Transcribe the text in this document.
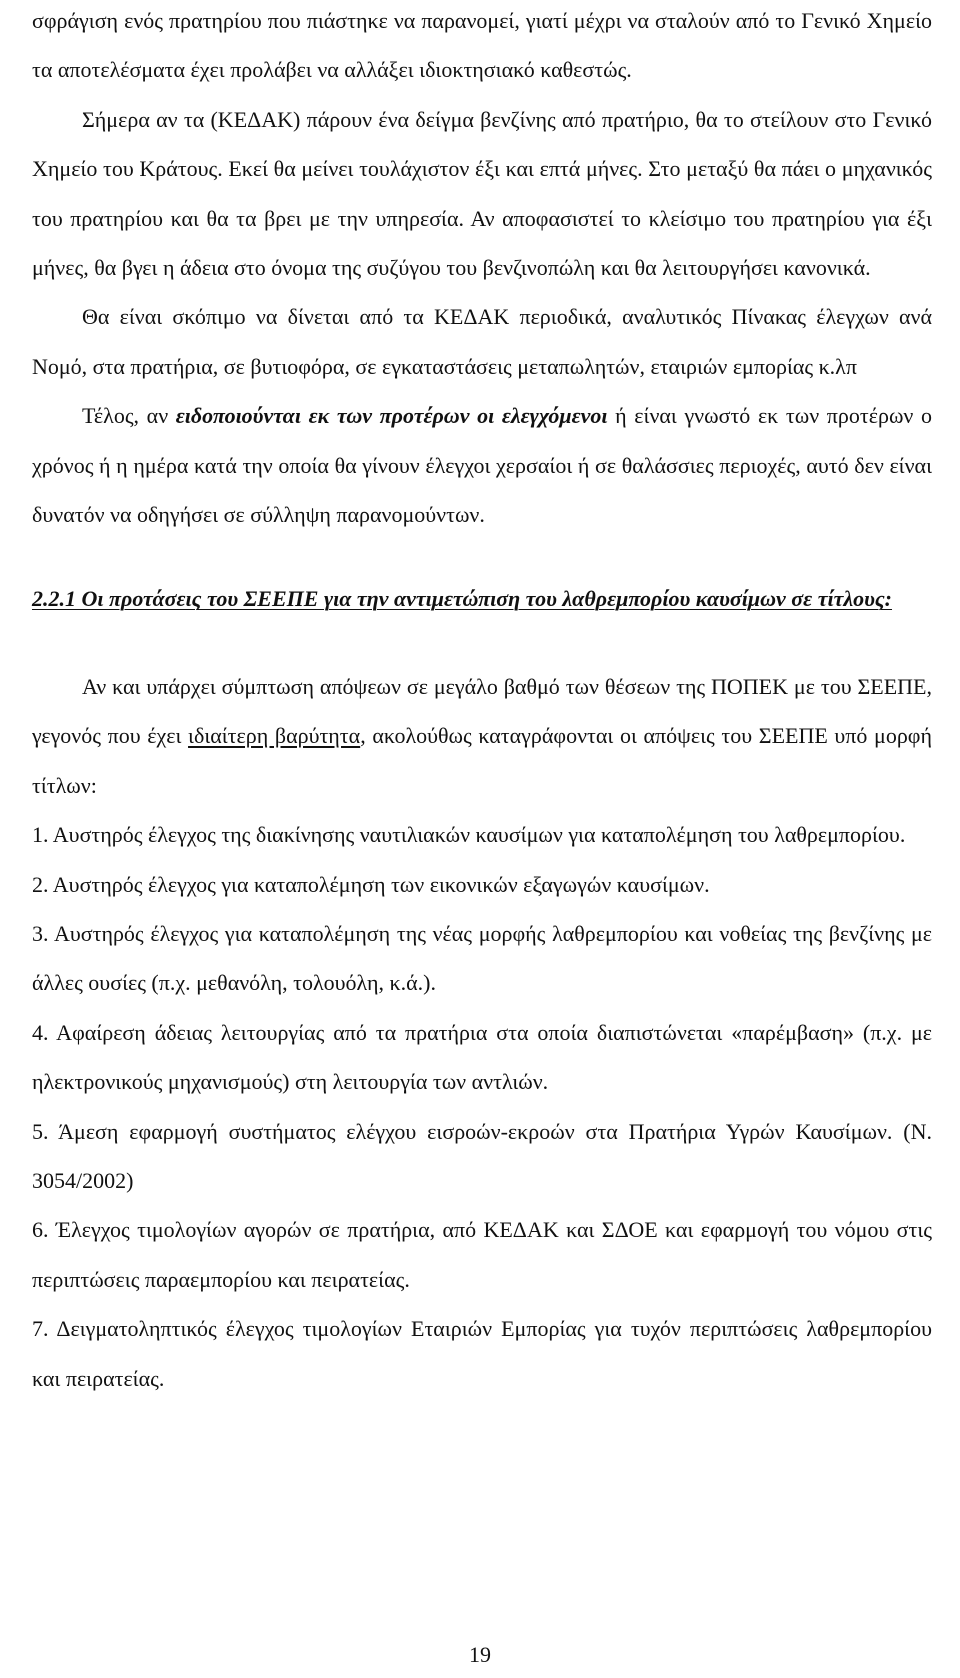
σφράγιση ενός πρατηρίου που πιάστηκε να παρανομεί, γιατί μέχρι να σταλούν από το Γενικό Χημείο τα αποτελέσματα έχει προλάβει να αλλάξει ιδιοκτησιακό καθεστώς.

Σήμερα αν τα (ΚΕΔΑΚ) πάρουν ένα δείγμα βενζίνης από πρατήριο, θα το στείλουν στο Γενικό Χημείο του Κράτους. Εκεί θα μείνει τουλάχιστον έξι και επτά μήνες. Στο μεταξύ θα πάει ο μηχανικός του πρατηρίου και θα τα βρει με την υπηρεσία. Αν αποφασιστεί το κλείσιμο του πρατηρίου για έξι μήνες, θα βγει η άδεια στο όνομα της συζύγου του βενζινοπώλη και θα λειτουργήσει κανονικά.

Θα είναι σκόπιμο να δίνεται από τα ΚΕΔΑΚ περιοδικά, αναλυτικός Πίνακας έλεγχων ανά Νομό, στα πρατήρια, σε βυτιοφόρα, σε εγκαταστάσεις μεταπωλητών, εταιριών εμπορίας κ.λπ

Τέλος, αν ειδοποιούνται εκ των προτέρων οι ελεγχόμενοι ή είναι γνωστό εκ των προτέρων ο χρόνος ή η ημέρα κατά την οποία θα γίνουν έλεγχοι χερσαίοι ή σε θαλάσσιες περιοχές, αυτό δεν είναι δυνατόν να οδηγήσει σε σύλληψη παρανομούντων.

2.2.1 Οι προτάσεις του ΣΕΕΠΕ για την αντιμετώπιση του λαθρεμπορίου καυσίμων σε τίτλους:

Αν και υπάρχει σύμπτωση απόψεων σε μεγάλο βαθμό των θέσεων της ΠΟΠΕΚ με του ΣΕΕΠΕ, γεγονός που έχει ιδιαίτερη βαρύτητα, ακολούθως καταγράφονται οι απόψεις του ΣΕΕΠΕ υπό μορφή τίτλων:

1. Αυστηρός έλεγχος της διακίνησης ναυτιλιακών καυσίμων για καταπολέμηση του λαθρεμπορίου.

2. Αυστηρός έλεγχος για καταπολέμηση των εικονικών εξαγωγών καυσίμων.

3. Αυστηρός έλεγχος για καταπολέμηση της νέας μορφής λαθρεμπορίου και νοθείας της βενζίνης με άλλες ουσίες (π.χ. μεθανόλη, τολουόλη, κ.ά.).

4. Αφαίρεση άδειας λειτουργίας από τα πρατήρια στα οποία διαπιστώνεται «παρέμβαση» (π.χ. με ηλεκτρονικούς μηχανισμούς) στη λειτουργία των αντλιών.

5. Άμεση εφαρμογή συστήματος ελέγχου εισροών-εκροών στα Πρατήρια Υγρών Καυσίμων. (Ν. 3054/2002)

6. Έλεγχος τιμολογίων αγορών σε πρατήρια, από ΚΕΔΑΚ και ΣΔΟΕ και εφαρμογή του νόμου στις περιπτώσεις παραεμπορίου και πειρατείας.

7. Δειγματοληπτικός έλεγχος τιμολογίων Εταιριών Εμπορίας για τυχόν περιπτώσεις λαθρεμπορίου και πειρατείας.

19
